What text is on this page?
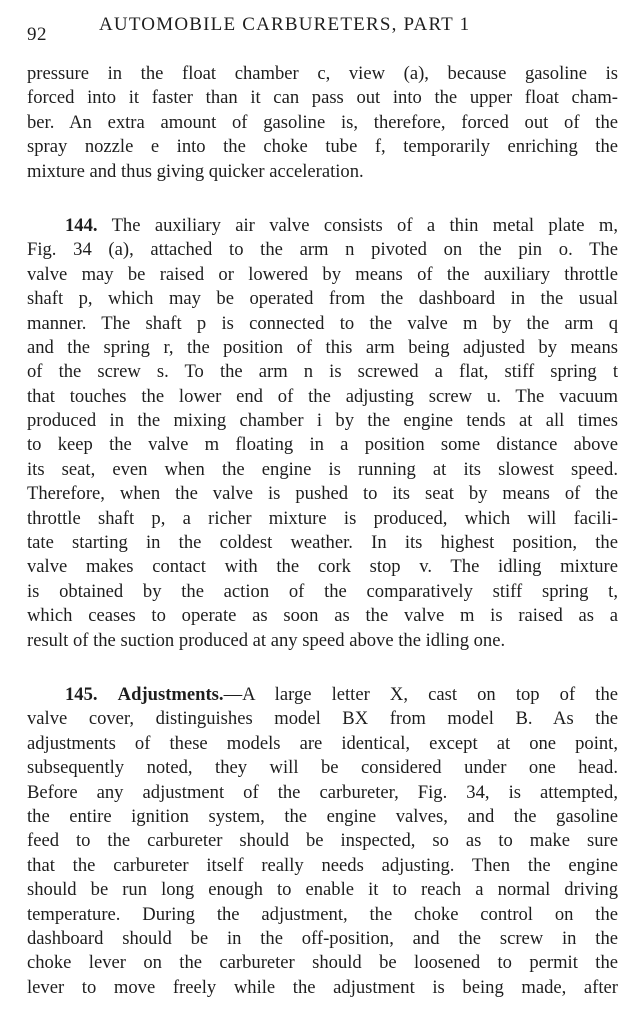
92	AUTOMOBILE CARBURETERS, PART 1
pressure in the float chamber c, view (a), because gasoline is
forced into it faster than it can pass out into the upper float cham-
ber. An extra amount of gasoline is, therefore, forced out of the
spray nozzle e into the choke tube f, temporarily enriching the
mixture and thus giving quicker acceleration.
144. The auxiliary air valve consists of a thin metal plate m,
Fig. 34 (a), attached to the arm n pivoted on the pin o. The
valve may be raised or lowered by means of the auxiliary throttle
shaft p, which may be operated from the dashboard in the usual
manner. The shaft p is connected to the valve m by the arm q
and the spring r, the position of this arm being adjusted by means
of the screw s. To the arm n is screwed a flat, stiff spring t
that touches the lower end of the adjusting screw u. The vacuum
produced in the mixing chamber i by the engine tends at all times
to keep the valve m floating in a position some distance above
its seat, even when the engine is running at its slowest speed.
Therefore, when the valve is pushed to its seat by means of the
throttle shaft p, a richer mixture is produced, which will facili-
tate starting in the coldest weather. In its highest position, the
valve makes contact with the cork stop v. The idling mixture
is obtained by the action of the comparatively stiff spring t,
which ceases to operate as soon as the valve m is raised as a
result of the suction produced at any speed above the idling one.
145. Adjustments.—A large letter X, cast on top of the
valve cover, distinguishes model BX from model B. As the
adjustments of these models are identical, except at one point,
subsequently noted, they will be considered under one head.
Before any adjustment of the carbureter, Fig. 34, is attempted,
the entire ignition system, the engine valves, and the gasoline
feed to the carbureter should be inspected, so as to make sure
that the carbureter itself really needs adjusting. Then the engine
should be run long enough to enable it to reach a normal driving
temperature. During the adjustment, the choke control on the
dashboard should be in the off-position, and the screw in the
choke lever on the carbureter should be loosened to permit the
lever to move freely while the adjustment is being made, after
